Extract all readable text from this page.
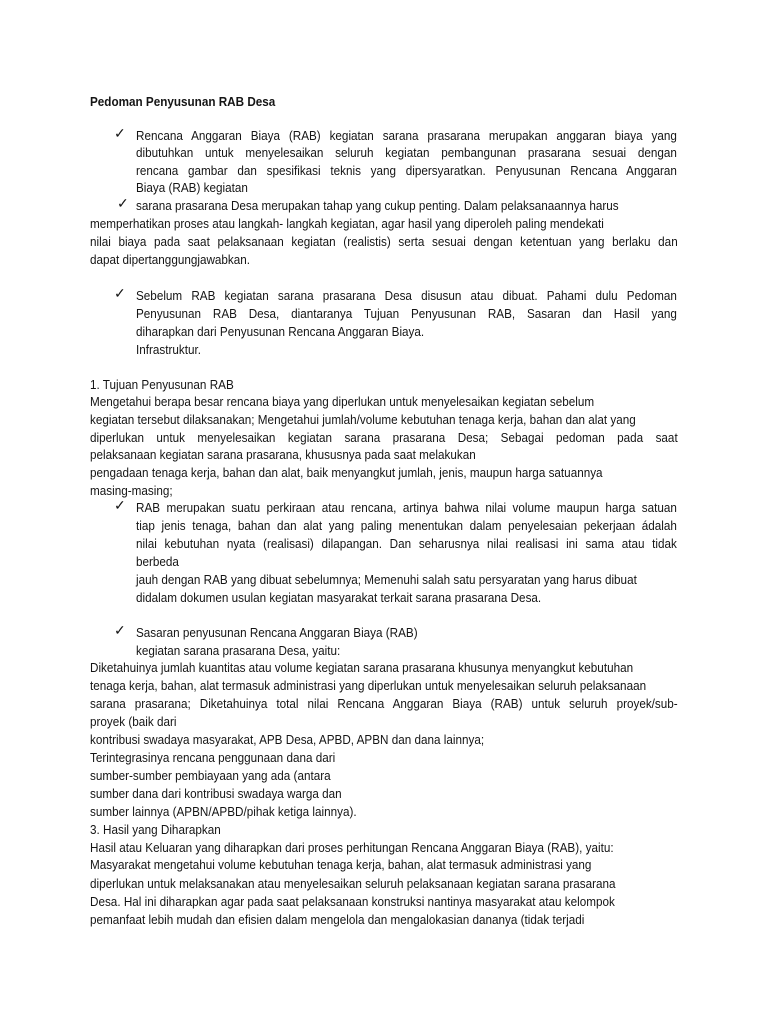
Pedoman Penyusunan RAB Desa
✓ Rencana Anggaran Biaya (RAB) kegiatan sarana prasarana merupakan anggaran biaya yang
dibutuhkan untuk menyelesaikan seluruh kegiatan pembangunan prasarana sesuai dengan
rencana gambar dan spesifikasi teknis yang dipersyaratkan. Penyusunan Rencana Anggaran
Biaya (RAB) kegiatan
✓ sarana prasarana Desa merupakan tahap yang cukup penting. Dalam pelaksanaannya harus
memperhatikan proses atau langkah- langkah kegiatan, agar hasil yang diperoleh paling mendekati
nilai biaya pada saat pelaksanaan kegiatan (realistis) serta sesuai dengan ketentuan yang berlaku dan
dapat dipertanggungjawabkan.
✓ Sebelum RAB kegiatan sarana prasarana Desa disusun atau dibuat. Pahami dulu Pedoman
Penyusunan RAB Desa, diantaranya Tujuan Penyusunan RAB, Sasaran dan Hasil yang
diharapkan dari Penyusunan Rencana Anggaran Biaya.
Infrastruktur.
1. Tujuan Penyusunan RAB
Mengetahui berapa besar rencana biaya yang diperlukan untuk menyelesaikan kegiatan sebelum
kegiatan tersebut dilaksanakan; Mengetahui jumlah/volume kebutuhan tenaga kerja, bahan dan alat yang
diperlukan untuk menyelesaikan kegiatan sarana prasarana Desa; Sebagai pedoman pada saat
pelaksanaan kegiatan sarana prasarana, khususnya pada saat melakukan
pengadaan tenaga kerja, bahan dan alat, baik menyangkut jumlah, jenis, maupun harga satuannya
masing-masing;
✓ RAB merupakan suatu perkiraan atau rencana, artinya bahwa nilai volume maupun harga satuan
tiap jenis tenaga, bahan dan alat yang paling menentukan dalam penyelesaian pekerjaan ádalah
nilai kebutuhan nyata (realisasi) dilapangan. Dan seharusnya nilai realisasi ini sama atau tidak
berbeda
jauh dengan RAB yang dibuat sebelumnya; Memenuhi salah satu persyaratan yang harus dibuat
didalam dokumen usulan kegiatan masyarakat terkait sarana prasarana Desa.
✓ Sasaran penyusunan Rencana Anggaran Biaya (RAB)
kegiatan sarana prasarana Desa, yaitu:
Diketahuinya jumlah kuantitas atau volume kegiatan sarana prasarana khusunya menyangkut kebutuhan
tenaga kerja, bahan, alat termasuk administrasi yang diperlukan untuk menyelesaikan seluruh pelaksanaan
sarana prasarana; Diketahuinya total nilai Rencana Anggaran Biaya (RAB) untuk seluruh proyek/sub-
proyek (baik dari
kontribusi swadaya masyarakat, APB Desa, APBD, APBN dan dana lainnya;
Terintegrasinya rencana penggunaan dana dari
sumber-sumber pembiayaan yang ada (antara
sumber dana dari kontribusi swadaya warga dan
sumber lainnya (APBN/APBD/pihak ketiga lainnya).
3. Hasil yang Diharapkan
Hasil atau Keluaran yang diharapkan dari proses perhitungan Rencana Anggaran Biaya (RAB), yaitu:
Masyarakat mengetahui volume kebutuhan tenaga kerja, bahan, alat termasuk administrasi yang
diperlukan untuk melaksanakan atau menyelesaikan seluruh pelaksanaan kegiatan sarana prasarana
Desa. Hal ini diharapkan agar pada saat pelaksanaan konstruksi nantinya masyarakat atau kelompok
pemanfaat lebih mudah dan efisien dalam mengelola dan mengalokasian dananya (tidak terjadi
